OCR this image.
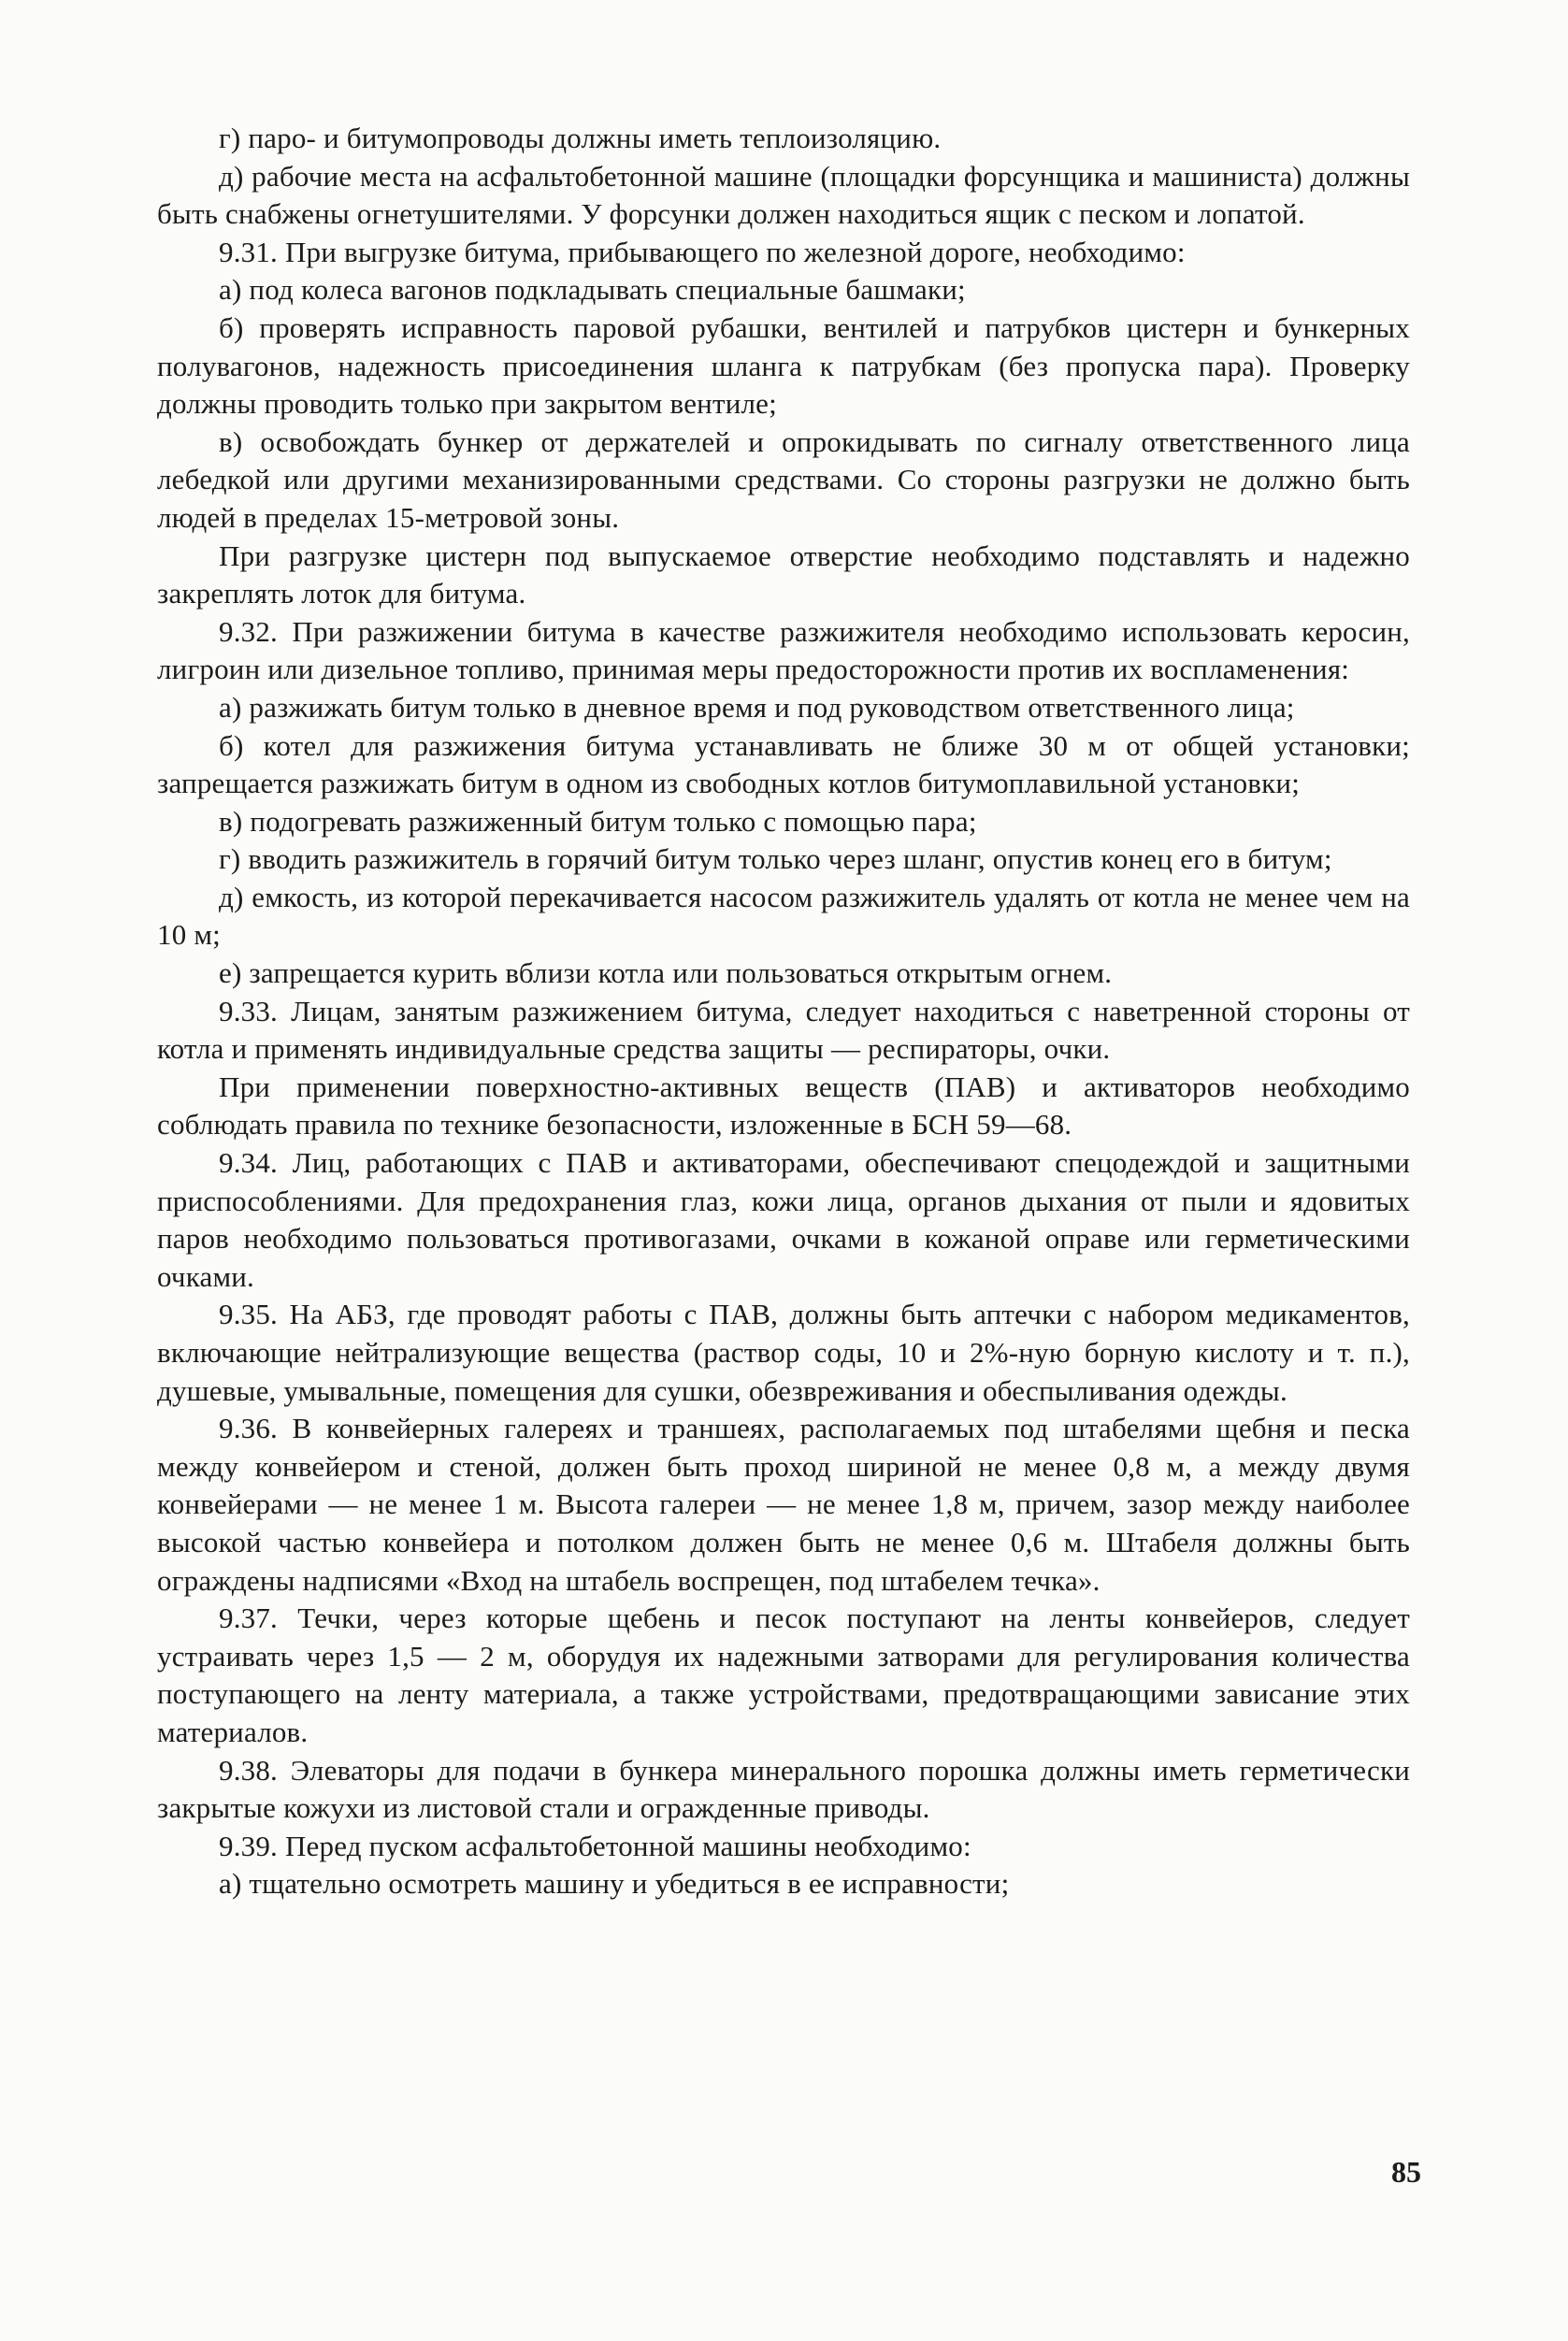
г) паро- и битумопроводы должны иметь теплоизоляцию.

д) рабочие места на асфальтобетонной машине (площадки форсунщика и машиниста) должны быть снабжены огнетушителями. У форсунки должен находиться ящик с песком и лопатой.

9.31. При выгрузке битума, прибывающего по железной дороге, необходимо:

а) под колеса вагонов подкладывать специальные башмаки;

б) проверять исправность паровой рубашки, вентилей и патрубков цистерн и бункерных полувагонов, надежность присоединения шланга к патрубкам (без пропуска пара). Проверку должны проводить только при закрытом вентиле;

в) освобождать бункер от держателей и опрокидывать по сигналу ответственного лица лебедкой или другими механизированными средствами. Со стороны разгрузки не должно быть людей в пределах 15-метровой зоны.

При разгрузке цистерн под выпускаемое отверстие необходимо подставлять и надежно закреплять лоток для битума.

9.32. При разжижении битума в качестве разжижителя необходимо использовать керосин, лигроин или дизельное топливо, принимая меры предосторожности против их воспламенения:

а) разжижать битум только в дневное время и под руководством ответственного лица;

б) котел для разжижения битума устанавливать не ближе 30 м от общей установки; запрещается разжижать битум в одном из свободных котлов битумоплавильной установки;

в) подогревать разжиженный битум только с помощью пара;

г) вводить разжижитель в горячий битум только через шланг, опустив конец его в битум;

д) емкость, из которой перекачивается насосом разжижитель удалять от котла не менее чем на 10 м;

е) запрещается курить вблизи котла или пользоваться открытым огнем.

9.33. Лицам, занятым разжижением битума, следует находиться с наветренной стороны от котла и применять индивидуальные средства защиты — респираторы, очки.

При применении поверхностно-активных веществ (ПАВ) и активаторов необходимо соблюдать правила по технике безопасности, изложенные в БСН 59—68.

9.34. Лиц, работающих с ПАВ и активаторами, обеспечивают спецодеждой и защитными приспособлениями. Для предохранения глаз, кожи лица, органов дыхания от пыли и ядовитых паров необходимо пользоваться противогазами, очками в кожаной оправе или герметическими очками.

9.35. На АБЗ, где проводят работы с ПАВ, должны быть аптечки с набором медикаментов, включающие нейтрализующие вещества (раствор соды, 10 и 2%-ную борную кислоту и т. п.), душевые, умывальные, помещения для сушки, обезвреживания и обеспыливания одежды.

9.36. В конвейерных галереях и траншеях, располагаемых под штабелями щебня и песка между конвейером и стеной, должен быть проход шириной не менее 0,8 м, а между двумя конвейерами — не менее 1 м. Высота галереи — не менее 1,8 м, причем, зазор между наиболее высокой частью конвейера и потолком должен быть не менее 0,6 м. Штабеля должны быть ограждены надписями «Вход на штабель воспрещен, под штабелем течка».

9.37. Течки, через которые щебень и песок поступают на ленты конвейеров, следует устраивать через 1,5 — 2 м, оборудуя их надежными затворами для регулирования количества поступающего на ленту материала, а также устройствами, предотвращающими зависание этих материалов.

9.38. Элеваторы для подачи в бункера минерального порошка должны иметь герметически закрытые кожухи из листовой стали и огражденные приводы.

9.39. Перед пуском асфальтобетонной машины необходимо:

а) тщательно осмотреть машину и убедиться в ее исправности;

85
